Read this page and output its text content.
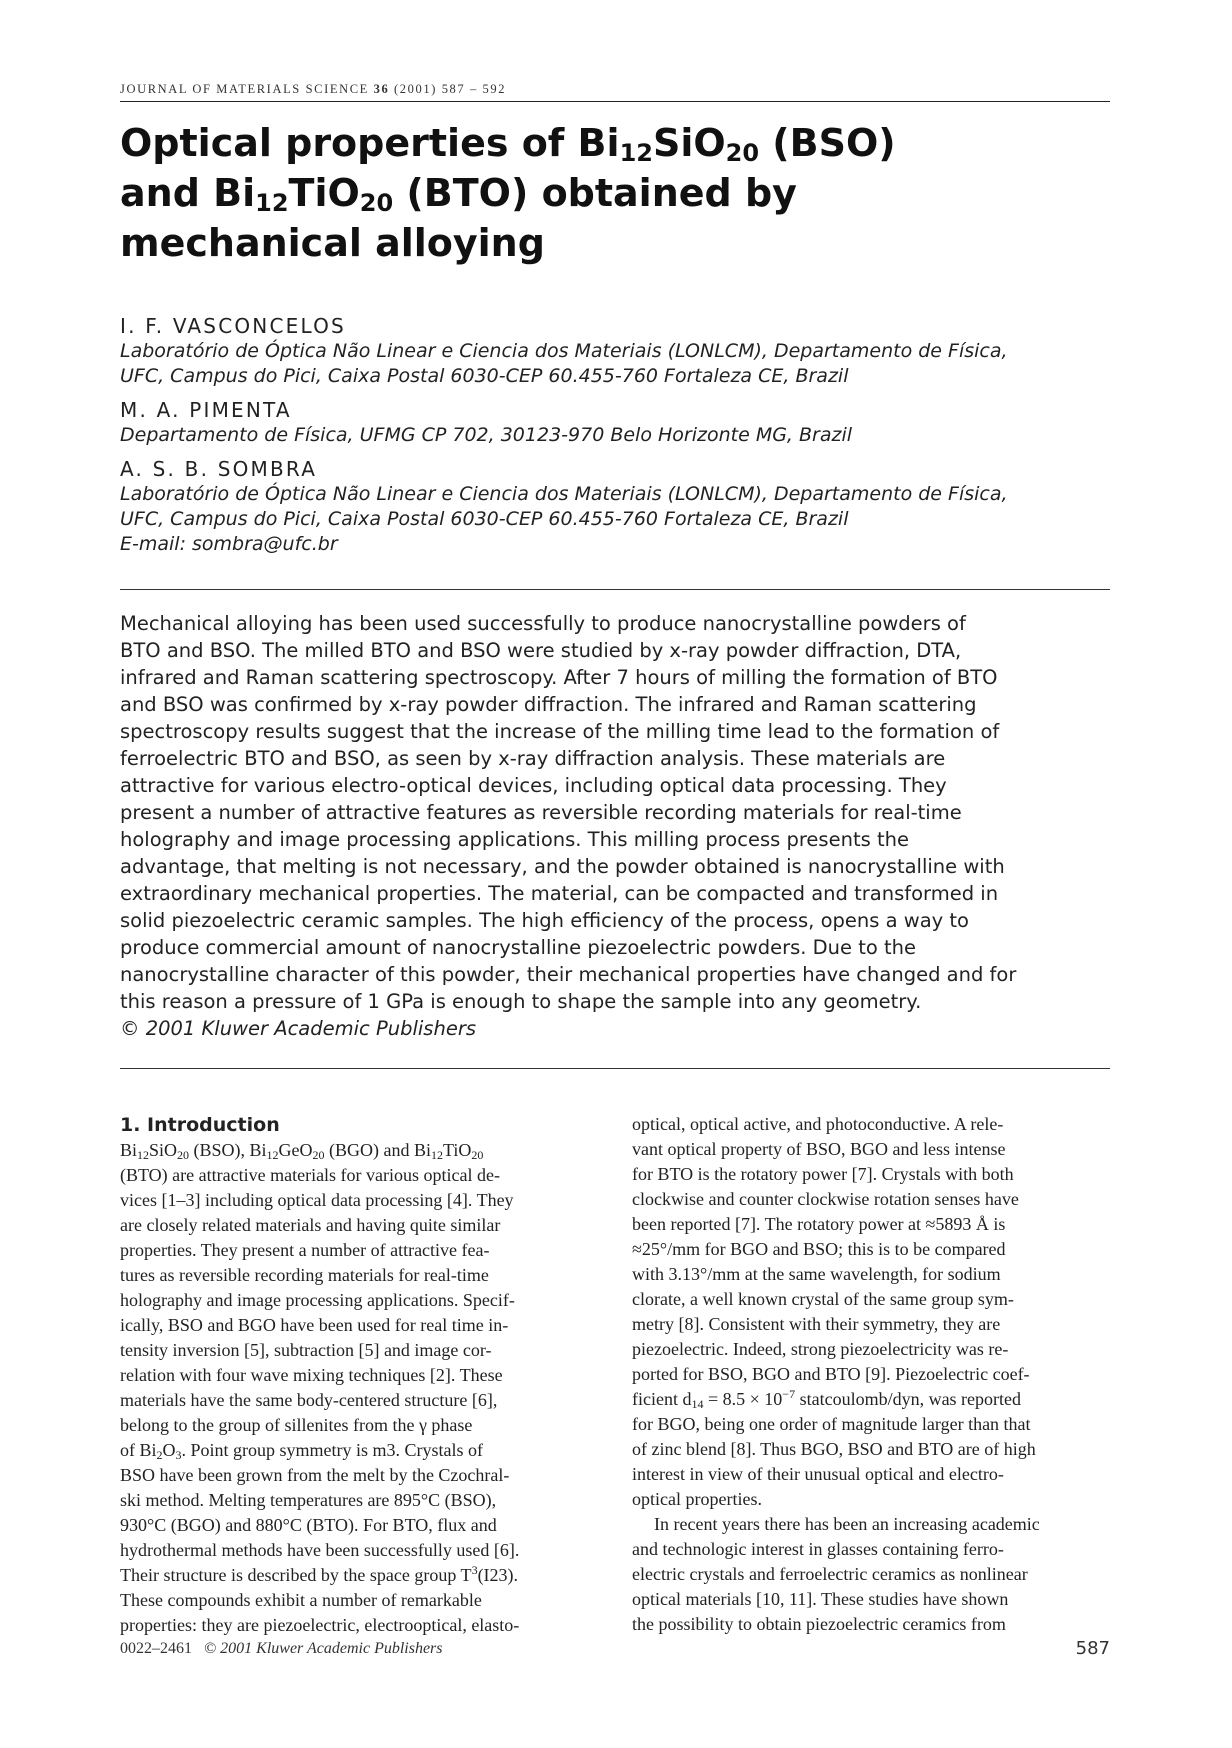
JOURNAL OF MATERIALS SCIENCE 36 (2001) 587 – 592
Optical properties of $Bi_{12}SiO_{20}$ (BSO)
and $Bi_{12}TiO_{20}$ (BTO) obtained by
mechanical alloying

I. F. VASCONCELOS

Laboratório de Óptica Não Linear e Ciencia dos Materiais (LONLCM), Departamento de Física,
UFC, Campus do Pici, Caixa Postal 6030-CEP 60.455-760 Fortaleza CE, Brazil

M. A. PIMENTA

Departamento de Física, UFMG CP 702, 30123-970 Belo Horizonte MG, Brazil

A. S. B. SOMBRA

Laboratório de Óptica Não Linear e Ciencia dos Materiais (LONLCM), Departamento de Física,
UFC, Campus do Pici, Caixa Postal 6030-CEP 60.455-760 Fortaleza CE, Brazil
E-mail: sombra@ufc.br
Mechanical alloying has been used successfully to produce nanocrystalline powders of
BTO and BSO. The milled BTO and BSO were studied by x-ray powder diffraction, DTA,
infrared and Raman scattering spectroscopy. After 7 hours of milling the formation of BTO
and BSO was confirmed by x-ray powder diffraction. The infrared and Raman scattering
spectroscopy results suggest that the increase of the milling time lead to the formation of
ferroelectric BTO and BSO, as seen by x-ray diffraction analysis. These materials are
attractive for various electro-optical devices, including optical data processing. They
present a number of attractive features as reversible recording materials for real-time
holography and image processing applications. This milling process presents the
advantage, that melting is not necessary, and the powder obtained is nanocrystalline with
extraordinary mechanical properties. The material, can be compacted and transformed in
solid piezoelectric ceramic samples. The high efficiency of the process, opens a way to
produce commercial amount of nanocrystalline piezoelectric powders. Due to the
nanocrystalline character of this powder, their mechanical properties have changed and for
this reason a pressure of 1 GPa is enough to shape the sample into any geometry.
© 2001 Kluwer Academic Publishers

1. Introduction

$Bi_{12}SiO_{20}$ (BSO), $Bi_{12}GeO_{20}$ (BGO) and $Bi_{12}TiO_{20}$
(BTO) are attractive materials for various optical de-
vices [1–3] including optical data processing [4]. They
are closely related materials and having quite similar
properties. They present a number of attractive fea-
tures as reversible recording materials for real-time
holography and image processing applications. Specif-
ically, BSO and BGO have been used for real time in-
tensity inversion [5], subtraction [5] and image cor-
relation with four wave mixing techniques [2]. These
materials have the same body-centered structure [6],
belong to the group of sillenites from the γ phase
of $Bi_2O_3$. Point group symmetry is m3. Crystals of
BSO have been grown from the melt by the Czochral-
ski method. Melting temperatures are 895°C (BSO),
930°C (BGO) and 880°C (BTO). For BTO, flux and
hydrothermal methods have been successfully used [6].
Their structure is described by the space group $T^3(I23)$.
These compounds exhibit a number of remarkable
properties: they are piezoelectric, electrooptical, elasto-
optical, optical active, and photoconductive. A rele-
vant optical property of BSO, BGO and less intense
for BTO is the rotatory power [7]. Crystals with both
clockwise and counter clockwise rotation senses have
been reported [7]. The rotatory power at ≈5893 Å is
≈25°/mm for BGO and BSO; this is to be compared
with 3.13°/mm at the same wavelength, for sodium
clorate, a well known crystal of the same group sym-
metry [8]. Consistent with their symmetry, they are
piezoelectric. Indeed, strong piezoelectricity was re-
ported for BSO, BGO and BTO [9]. Piezoelectric coef-
ficient $d_{14} = 8.5 \times 10^{-7}$ statcoulomb/dyn, was reported
for BGO, being one order of magnitude larger than that
of zinc blend [8]. Thus BGO, BSO and BTO are of high
interest in view of their unusual optical and electro-
optical properties.
In recent years there has been an increasing academic
and technologic interest in glasses containing ferro-
electric crystals and ferroelectric ceramics as nonlinear
optical materials [10, 11]. These studies have shown
the possibility to obtain piezoelectric ceramics from
0022–2461 © 2001 Kluwer Academic Publishers	587
